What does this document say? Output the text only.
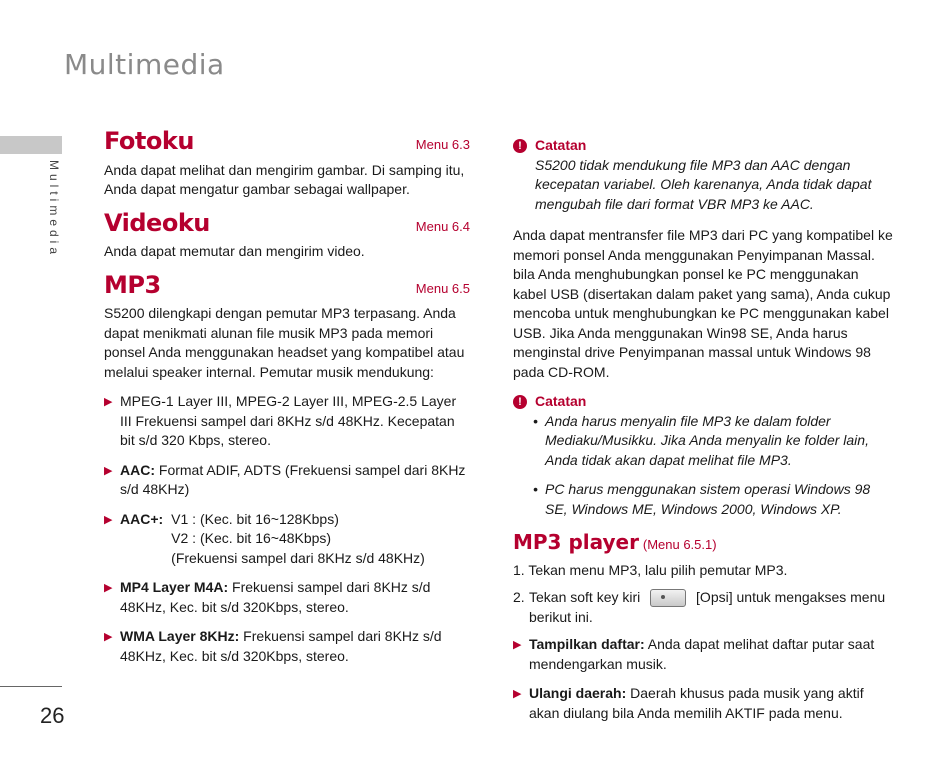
Multimedia
Multimedia
26
Fotoku	Menu 6.3

Anda dapat melihat dan mengirim gambar. Di samping itu, Anda dapat mengatur gambar sebagai wallpaper.

Videoku	Menu 6.4

Anda dapat memutar dan mengirim video.

MP3	Menu 6.5

S5200 dilengkapi dengan pemutar MP3 terpasang. Anda dapat menikmati alunan file musik MP3 pada memori ponsel Anda menggunakan headset yang kompatibel atau melalui speaker internal. Pemutar musik mendukung:

▶ MPEG-1 Layer III, MPEG-2 Layer III, MPEG-2.5 Layer III Frekuensi sampel dari 8KHz s/d 48KHz. Kecepatan bit s/d 320 Kbps, stereo.
▶ AAC: Format ADIF, ADTS (Frekuensi sampel dari 8KHz s/d 48KHz)
▶ AAC+: V1 : (Kec. bit 16~128Kbps)
V2 : (Kec. bit 16~48Kbps)
(Frekuensi sampel dari 8KHz s/d 48KHz)
▶ MP4 Layer M4A: Frekuensi sampel dari 8KHz s/d 48KHz, Kec. bit s/d 320Kbps, stereo.
▶ WMA Layer 8KHz: Frekuensi sampel dari 8KHz s/d 48KHz, Kec. bit s/d 320Kbps, stereo.
! Catatan

S5200 tidak mendukung file MP3 dan AAC dengan kecepatan variabel. Oleh karenanya, Anda tidak dapat mengubah file dari format VBR MP3 ke AAC.

Anda dapat mentransfer file MP3 dari PC yang kompatibel ke memori ponsel Anda menggunakan Penyimpanan Massal. bila Anda menghubungkan ponsel ke PC menggunakan kabel USB (disertakan dalam paket yang sama), Anda cukup mencoba untuk menghubungkan ke PC menggunakan kabel USB. Jika Anda menggunakan Win98 SE, Anda harus menginstal drive Penyimpanan massal untuk Windows 98 pada CD-ROM.

! Catatan
• Anda harus menyalin file MP3 ke dalam folder Mediaku/Musikku. Jika Anda menyalin ke folder lain, Anda tidak akan dapat melihat file MP3.
• PC harus menggunakan sistem operasi Windows 98 SE, Windows ME, Windows 2000, Windows XP.
MP3 player (Menu 6.5.1)

1. Tekan menu MP3, lalu pilih pemutar MP3.

2. Tekan soft key kiri	[Opsi] untuk mengakses menu berikut ini.
▶ Tampilkan daftar: Anda dapat melihat daftar putar saat mendengarkan musik.
▶ Ulangi daerah: Daerah khusus pada musik yang aktif akan diulang bila Anda memilih AKTIF pada menu.
